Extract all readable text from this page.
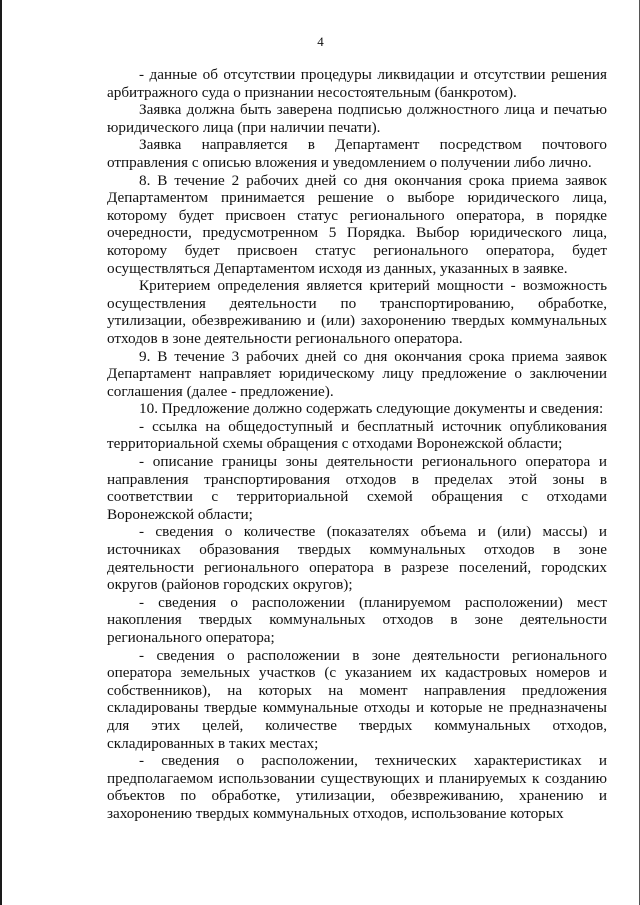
4

- данные об отсутствии процедуры ликвидации и отсутствии решения арбитражного суда о признании несостоятельным (банкротом).

Заявка должна быть заверена подписью должностного лица и печатью юридического лица (при наличии печати).

Заявка направляется в Департамент посредством почтового отправления с описью вложения и уведомлением о получении либо лично.

8. В течение 2 рабочих дней со дня окончания срока приема заявок Департаментом принимается решение о выборе юридического лица, которому будет присвоен статус регионального оператора, в порядке очередности, предусмотренном 5 Порядка. Выбор юридического лица, которому будет присвоен статус регионального оператора, будет осуществляться Департаментом исходя из данных, указанных в заявке.

Критерием определения является критерий мощности - возможность осуществления деятельности по транспортированию, обработке, утилизации, обезвреживанию и (или) захоронению твердых коммунальных отходов в зоне деятельности регионального оператора.

9. В течение 3 рабочих дней со дня окончания срока приема заявок Департамент направляет юридическому лицу предложение о заключении соглашения (далее - предложение).

10. Предложение должно содержать следующие документы и сведения:

- ссылка на общедоступный и бесплатный источник опубликования территориальной схемы обращения с отходами Воронежской области;

- описание границы зоны деятельности регионального оператора и направления транспортирования отходов в пределах этой зоны в соответствии с территориальной схемой обращения с отходами Воронежской области;

- сведения о количестве (показателях объема и (или) массы) и источниках образования твердых коммунальных отходов в зоне деятельности регионального оператора в разрезе поселений, городских округов (районов городских округов);

- сведения о расположении (планируемом расположении) мест накопления твердых коммунальных отходов в зоне деятельности регионального оператора;

- сведения о расположении в зоне деятельности регионального оператора земельных участков (с указанием их кадастровых номеров и собственников), на которых на момент направления предложения складированы твердые коммунальные отходы и которые не предназначены для этих целей, количестве твердых коммунальных отходов, складированных в таких местах;

- сведения о расположении, технических характеристиках и предполагаемом использовании существующих и планируемых к созданию объектов по обработке, утилизации, обезвреживанию, хранению и захоронению твердых коммунальных отходов, использование которых
